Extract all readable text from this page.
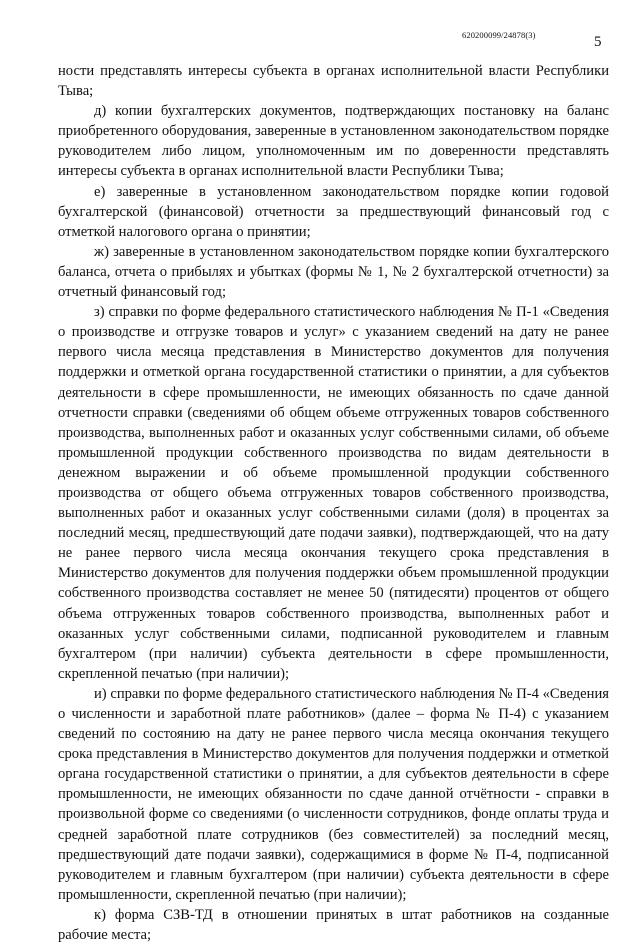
620200099/24878(3)	5

ности представлять интересы субъекта в органах исполнительной власти Республики Тыва;

д) копии бухгалтерских документов, подтверждающих постановку на баланс приобретенного оборудования, заверенные в установленном законодательством порядке руководителем либо лицом, уполномоченным им по доверенности представлять интересы субъекта в органах исполнительной власти Республики Тыва;

е) заверенные в установленном законодательством порядке копии годовой бухгалтерской (финансовой) отчетности за предшествующий финансовый год с отметкой налогового органа о принятии;

ж) заверенные в установленном законодательством порядке копии бухгалтерского баланса, отчета о прибылях и убытках (формы № 1, № 2 бухгалтерской отчетности) за отчетный финансовый год;

з) справки по форме федерального статистического наблюдения № П-1 «Сведения о производстве и отгрузке товаров и услуг» с указанием сведений на дату не ранее первого числа месяца представления в Министерство документов для получения поддержки и отметкой органа государственной статистики о принятии, а для субъектов деятельности в сфере промышленности, не имеющих обязанность по сдаче данной отчетности справки (сведениями об общем объеме отгруженных товаров собственного производства, выполненных работ и оказанных услуг собственными силами, об объеме промышленной продукции собственного производства по видам деятельности в денежном выражении и об объеме промышленной продукции собственного производства от общего объема отгруженных товаров собственного производства, выполненных работ и оказанных услуг собственными силами (доля) в процентах за последний месяц, предшествующий дате подачи заявки), подтверждающей, что на дату не ранее первого числа месяца окончания текущего срока представления в Министерство документов для получения поддержки объем промышленной продукции собственного производства составляет не менее 50 (пятидесяти) процентов от общего объема отгруженных товаров собственного производства, выполненных работ и оказанных услуг собственными силами, подписанной руководителем и главным бухгалтером (при наличии) субъекта деятельности в сфере промышленности, скрепленной печатью (при наличии);

и) справки по форме федерального статистического наблюдения № П-4 «Сведения о численности и заработной плате работников» (далее – форма № П-4) с указанием сведений по состоянию на дату не ранее первого числа месяца окончания текущего срока представления в Министерство документов для получения поддержки и отметкой органа государственной статистики о принятии, а для субъектов деятельности в сфере промышленности, не имеющих обязанности по сдаче данной отчётности - справки в произвольной форме со сведениями (о численности сотрудников, фонде оплаты труда и средней заработной плате сотрудников (без совместителей) за последний месяц, предшествующий дате подачи заявки), содержащимися в форме № П-4, подписанной руководителем и главным бухгалтером (при наличии) субъекта деятельности в сфере промышленности, скрепленной печатью (при наличии);

к) форма СЗВ-ТД в отношении принятых в штат работников на созданные рабочие места;
